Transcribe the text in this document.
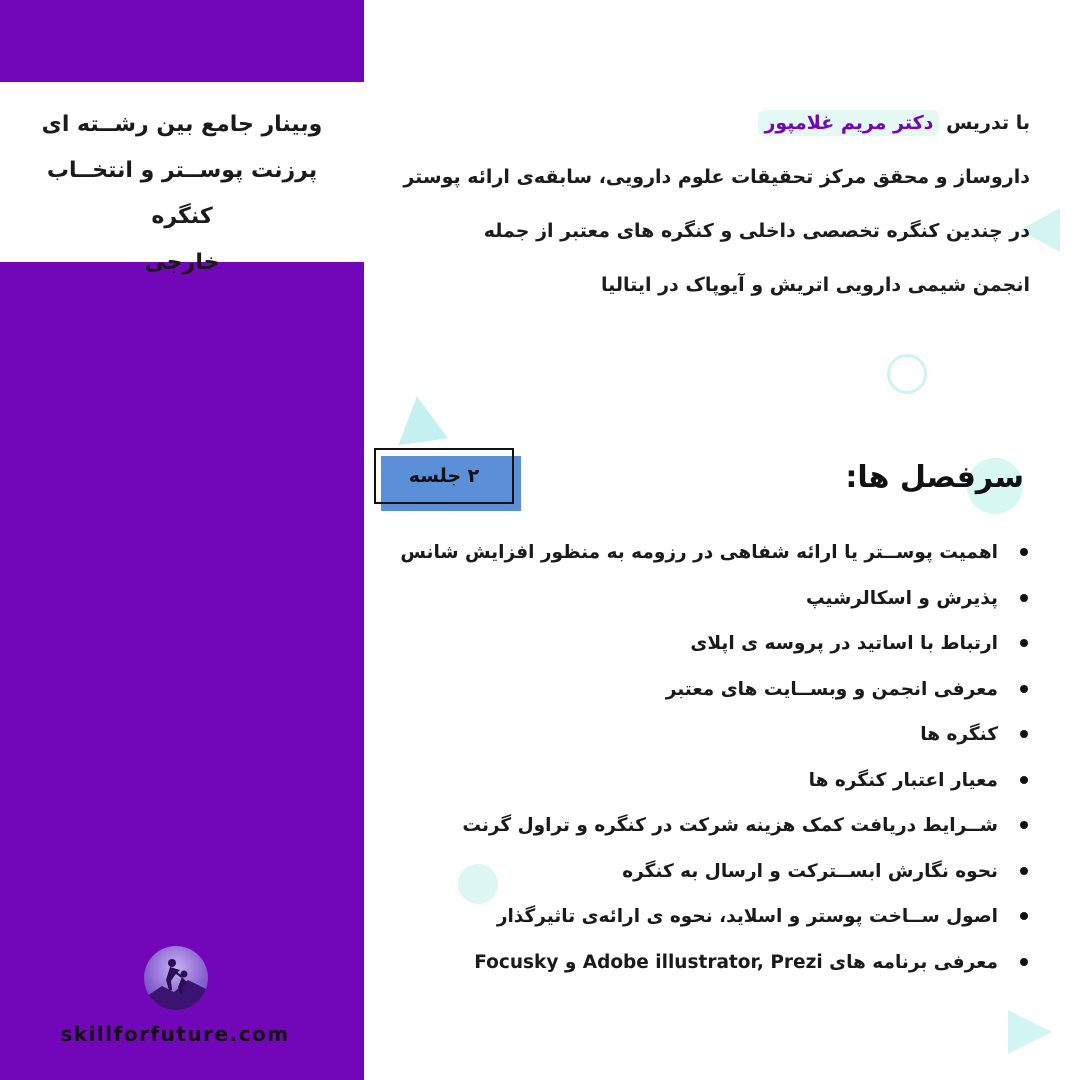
وبینار جامع بین رشــته ای
پرزنت پوســتر و انتخــاب کنگره
خارجی
skillforfuture.com
با تدریس دکتر مریم غلامپور
داروساز و محقق مرکز تحقیقات علوم دارویی، سابقه‌ی ارائه پوستر
در چندین کنگره تخصصی داخلی و کنگره های معتبر از جمله
انجمن شیمی دارویی اتریش و آیوپاک در ایتالیا
۲ جلسه	سرفصل ها:
اهمیت پوســتر یا ارائه شفاهی در رزومه به منظور افزایش شانس
پذیرش و اسکالرشیپ
ارتباط با اساتید در پروسه ی اپلای
معرفی انجمن و وبســایت های معتبر
کنگره ها
معیار اعتبار کنگره ها
شــرایط دریافت کمک هزینه شرکت در کنگره و تراول گرنت
نحوه نگارش ابســترکت و ارسال به کنگره
اصول ســاخت پوستر و اسلاید، نحوه ی ارائه‌ی تاثیرگذار
معرفی برنامه های Adobe illustrator, Prezi و Focusky
